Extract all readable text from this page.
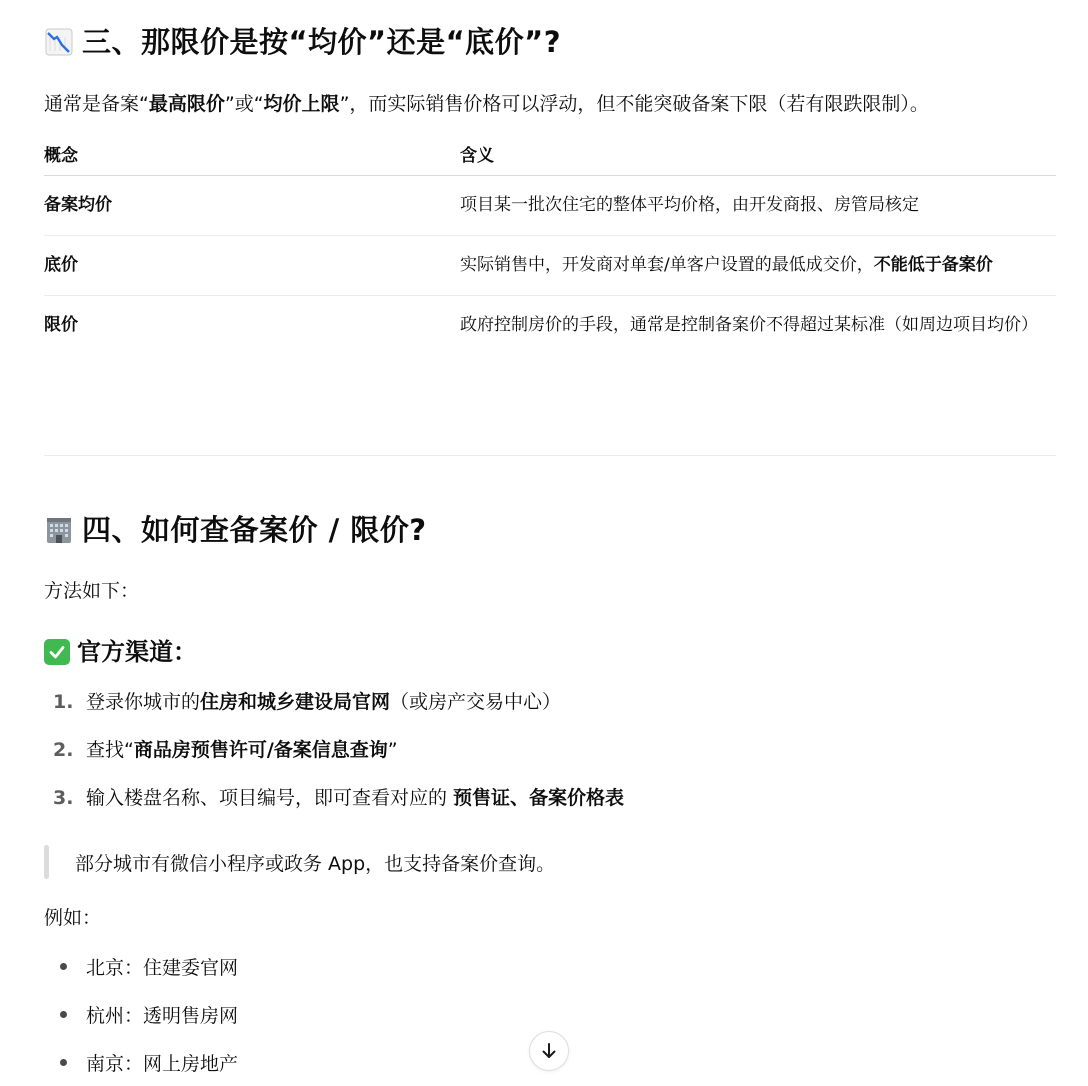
三、那限价是按“均价”还是“底价”?

通常是备案“最高限价”或“均价上限”，而实际销售价格可以浮动，但不能突破备案下限（若有限跌限制）。

概念	含义
备案均价	项目某一批次住宅的整体平均价格，由开发商报、房管局核定
底价	实际销售中，开发商对单套/单客户设置的最低成交价，不能低于备案价
限价	政府控制房价的手段，通常是控制备案价不得超过某标准（如周边项目均价）
四、如何查备案价 / 限价?

方法如下：

官方渠道：
1. 登录你城市的住房和城乡建设局官网（或房产交易中心）
2. 查找“商品房预售许可/备案信息查询”
3. 输入楼盘名称、项目编号，即可查看对应的 预售证、备案价格表
部分城市有微信小程序或政务 App，也支持备案价查询。

例如：

北京：住建委官网
杭州：透明售房网
南京：网上房地产
